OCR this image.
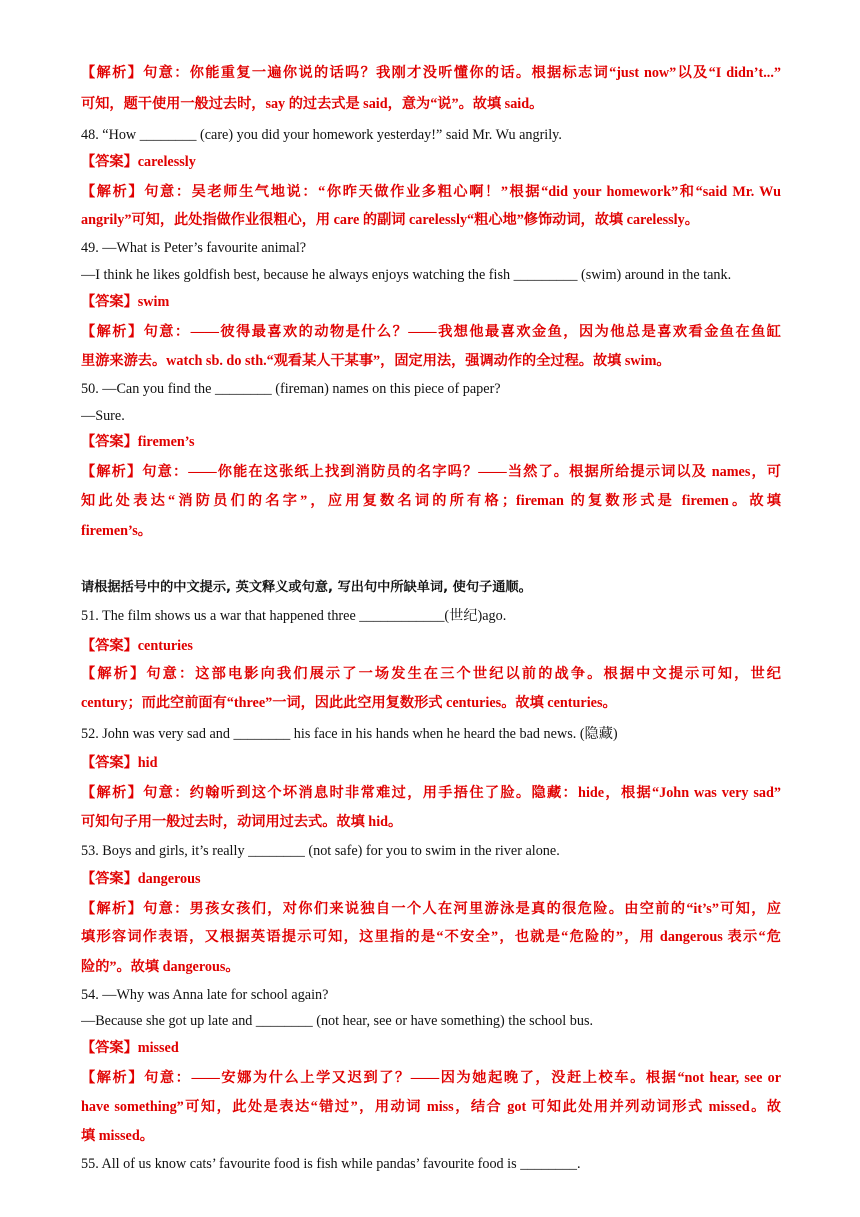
【解析】句意：你能重复一遍你说的话吗？我刚才没听懂你的话。根据标志词“just now”以及“I didn’t...”
可知，题干使用一般过去时，say 的过去式是 said，意为“说”。故填 said。
48. “How ________ (care) you did your homework yesterday!” said Mr. Wu angrily.
【答案】carelessly
【解析】句意：吴老师生气地说：“你昨天做作业多粗心啊！”根据“did your homework”和“said Mr. Wu
angrily”可知，此处指做作业很粗心，用 care 的副词 carelessly“粗心地”修饰动词，故填 carelessly。
49. —What is Peter’s favourite animal?
—I think he likes goldfish best, because he always enjoys watching the fish _________ (swim) around in the tank.
【答案】swim
【解析】句意：——彼得最喜欢的动物是什么？——我想他最喜欢金鱼，因为他总是喜欢看金鱼在鱼缸
里游来游去。watch sb. do sth.“观看某人干某事”，固定用法，强调动作的全过程。故填 swim。
50. —Can you find the ________ (fireman) names on this piece of paper?
—Sure.
【答案】firemen’s
【解析】句意：——你能在这张纸上找到消防员的名字吗？——当然了。根据所给提示词以及 names，可
知此处表达“消防员们的名字”，应用复数名词的所有格；fireman 的复数形式是 firemen。故填
firemen’s。
请根据括号中的中文提示, 英文释义或句意, 写出句中所缺单词, 使句子通顺。
51. The film shows us a war that happened three ____________(世纪)ago.
【答案】centuries
【解析】句意：这部电影向我们展示了一场发生在三个世纪以前的战争。根据中文提示可知，世纪
century；而此空前面有“three”一词，因此此空用复数形式 centuries。故填 centuries。
52. John was very sad and ________ his face in his hands when he heard the bad news. (隐藏)
【答案】hid
【解析】句意：约翰听到这个坏消息时非常难过，用手捂住了脸。隐藏：hide，根据“John was very sad”
可知句子用一般过去时，动词用过去式。故填 hid。
53. Boys and girls, it’s really ________ (not safe) for you to swim in the river alone.
【答案】dangerous
【解析】句意：男孩女孩们，对你们来说独自一个人在河里游泳是真的很危险。由空前的“it’s”可知，应
填形容词作表语，又根据英语提示可知，这里指的是“不安全”，也就是“危险的”，用 dangerous 表示“危
险的”。故填 dangerous。
54. —Why was Anna late for school again?
—Because she got up late and ________ (not hear, see or have something) the school bus.
【答案】missed
【解析】句意：——安娜为什么上学又迟到了？——因为她起晚了，没赶上校车。根据“not hear, see or
have something”可知，此处是表达“错过”，用动词 miss，结合 got 可知此处用并列动词形式 missed。故
填 missed。
55. All of us know cats’ favourite food is fish while pandas’ favourite food is ________.
